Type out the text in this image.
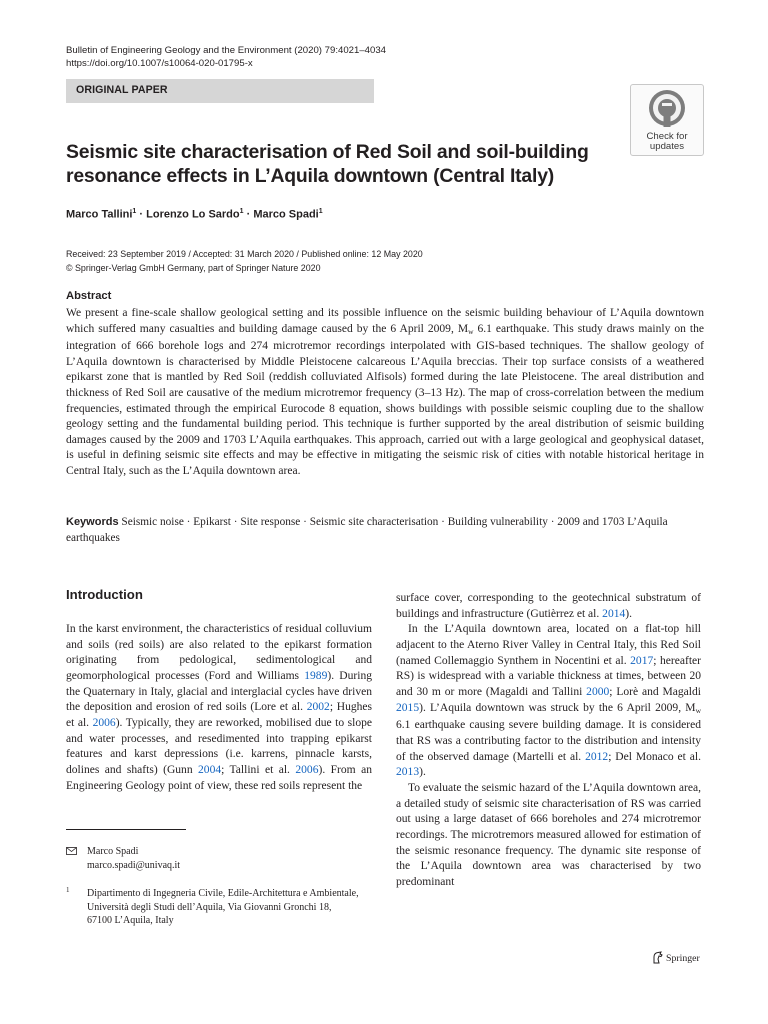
Bulletin of Engineering Geology and the Environment (2020) 79:4021–4034
https://doi.org/10.1007/s10064-020-01795-x
ORIGINAL PAPER
Check for
updates
Seismic site characterisation of Red Soil and soil-building resonance effects in L’Aquila downtown (Central Italy)
Marco Tallini$^1$ · Lorenzo Lo Sardo$^1$ · Marco Spadi$^1$
Received: 23 September 2019 / Accepted: 31 March 2020 / Published online: 12 May 2020
© Springer-Verlag GmbH Germany, part of Springer Nature 2020
Abstract
We present a fine-scale shallow geological setting and its possible influence on the seismic building behaviour of L’Aquila downtown which suffered many casualties and building damage caused by the 6 April 2009, $M_w$ 6.1 earthquake. This study draws mainly on the integration of 666 borehole logs and 274 microtremor recordings interpolated with GIS-based techniques. The shallow geology of L’Aquila downtown is characterised by Middle Pleistocene calcareous L’Aquila breccias. Their top surface consists of a weathered epikarst zone that is mantled by Red Soil (reddish colluviated Alfisols) formed during the late Pleistocene. The areal distribution and thickness of Red Soil are causative of the medium microtremor frequency (3–13 Hz). The map of cross-correlation between the medium frequencies, estimated through the empirical Eurocode 8 equation, shows buildings with possible seismic coupling due to the shallow geology setting and the fundamental building period. This technique is further supported by the areal distribution of seismic building damages caused by the 2009 and 1703 L’Aquila earthquakes. This approach, carried out with a large geological and geophysical dataset, is useful in defining seismic site effects and may be effective in mitigating the seismic risk of cities with notable historical heritage in Central Italy, such as the L’Aquila downtown area.
Keywords Seismic noise · Epikarst · Site response · Seismic site characterisation · Building vulnerability · 2009 and 1703 L’Aquila earthquakes
Introduction
In the karst environment, the characteristics of residual colluvium and soils (red soils) are also related to the epikarst formation originating from pedological, sedimentological and geomorphological processes (Ford and Williams 1989). During the Quaternary in Italy, glacial and interglacial cycles have driven the deposition and erosion of red soils (Lore et al. 2002; Hughes et al. 2006). Typically, they are reworked, mobilised due to slope and water processes, and resedimented into trapping epikarst features and karst depressions (i.e. karrens, pinnacle karsts, dolines and shafts) (Gunn 2004; Tallini et al. 2006). From an Engineering Geology point of view, these red soils represent the
surface cover, corresponding to the geotechnical substratum of buildings and infrastructure (Gutièrrez et al. 2014).
In the L’Aquila downtown area, located on a flat-top hill adjacent to the Aterno River Valley in Central Italy, this Red Soil (named Collemaggio Synthem in Nocentini et al. 2017; hereafter RS) is widespread with a variable thickness at times, between 20 and 30 m or more (Magaldi and Tallini 2000; Lorè and Magaldi 2015). L’Aquila downtown was struck by the 6 April 2009, $M_w$ 6.1 earthquake causing severe building damage. It is considered that RS was a contributing factor to the distribution and intensity of the observed damage (Martelli et al. 2012; Del Monaco et al. 2013).
To evaluate the seismic hazard of the L’Aquila downtown area, a detailed study of seismic site characterisation of RS was carried out using a large dataset of 666 boreholes and 274 microtremor recordings. The microtremors measured allowed for estimation of the seismic resonance frequency. The dynamic site response of the L’Aquila downtown area was characterised by two predominant
Marco Spadi
marco.spadi@univaq.it
1 Dipartimento di Ingegneria Civile, Edile-Architettura e Ambientale,
Università degli Studi dell’Aquila, Via Giovanni Gronchi 18,
67100 L’Aquila, Italy
Springer
